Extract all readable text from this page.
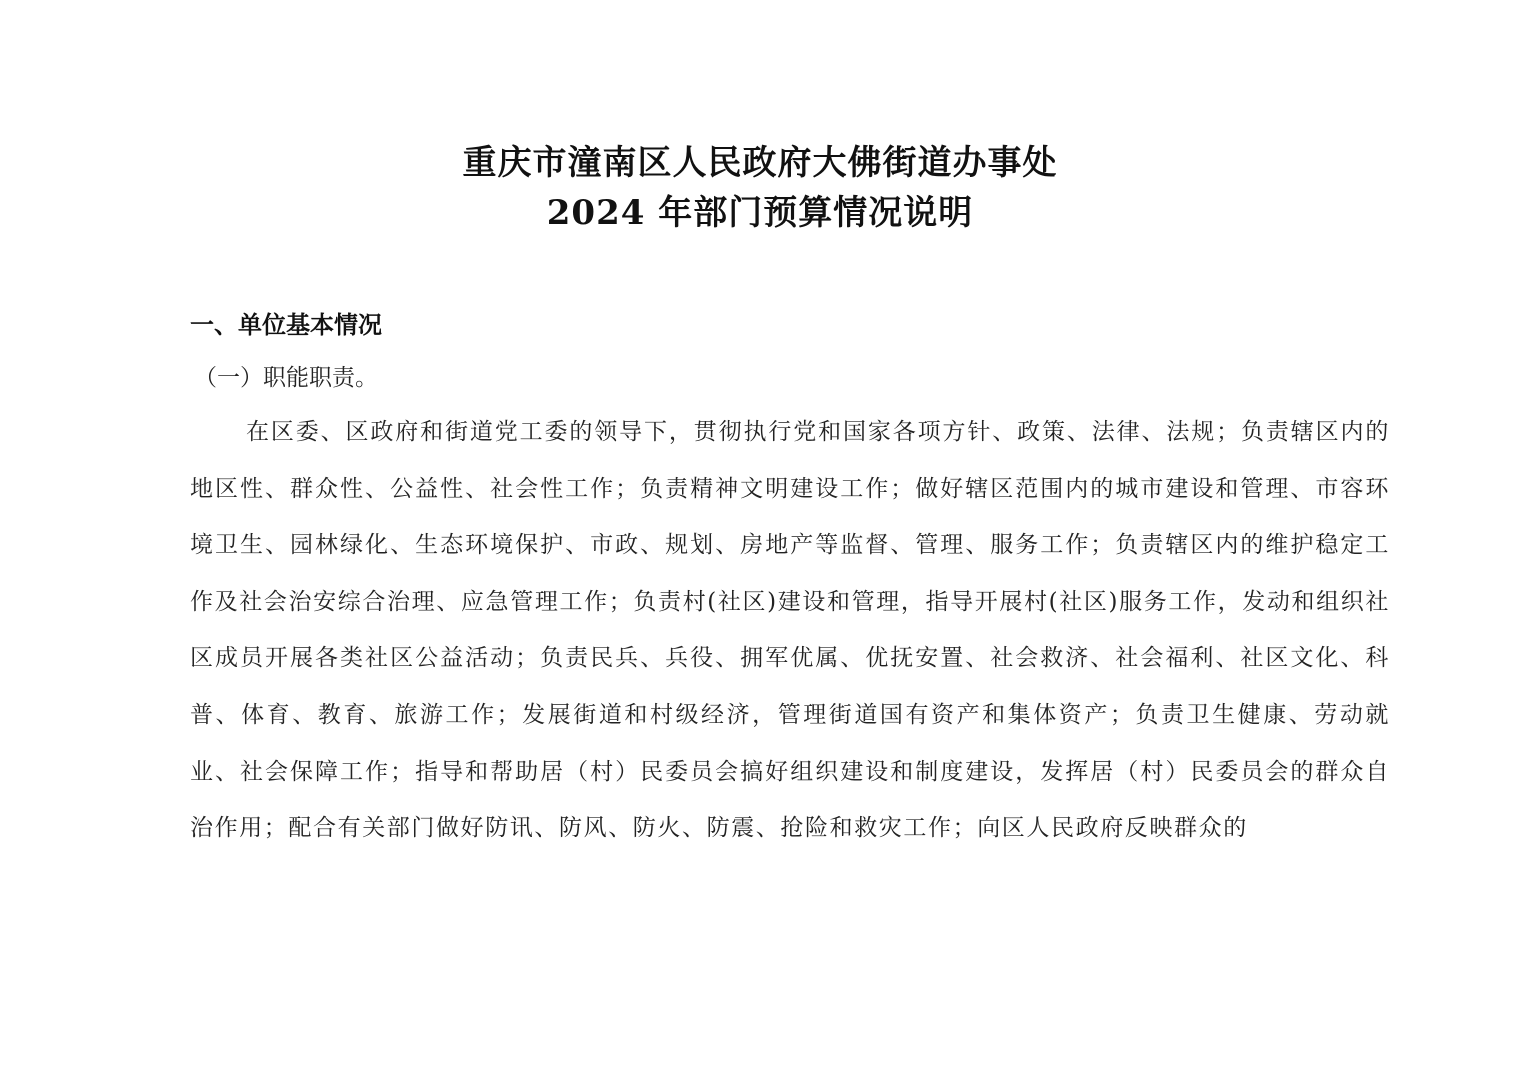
重庆市潼南区人民政府大佛街道办事处
2024 年部门预算情况说明
一、单位基本情况
（一）职能职责。

在区委、区政府和街道党工委的领导下，贯彻执行党和国家各项方针、政策、法律、法规；负责辖区内的地区性、群众性、公益性、社会性工作；负责精神文明建设工作；做好辖区范围内的城市建设和管理、市容环境卫生、园林绿化、生态环境保护、市政、规划、房地产等监督、管理、服务工作；负责辖区内的维护稳定工作及社会治安综合治理、应急管理工作；负责村(社区)建设和管理，指导开展村(社区)服务工作，发动和组织社区成员开展各类社区公益活动；负责民兵、兵役、拥军优属、优抚安置、社会救济、社会福利、社区文化、科普、体育、教育、旅游工作；发展街道和村级经济，管理街道国有资产和集体资产；负责卫生健康、劳动就业、社会保障工作；指导和帮助居（村）民委员会搞好组织建设和制度建设，发挥居（村）民委员会的群众自治作用；配合有关部门做好防讯、防风、防火、防震、抢险和救灾工作；向区人民政府反映群众的
